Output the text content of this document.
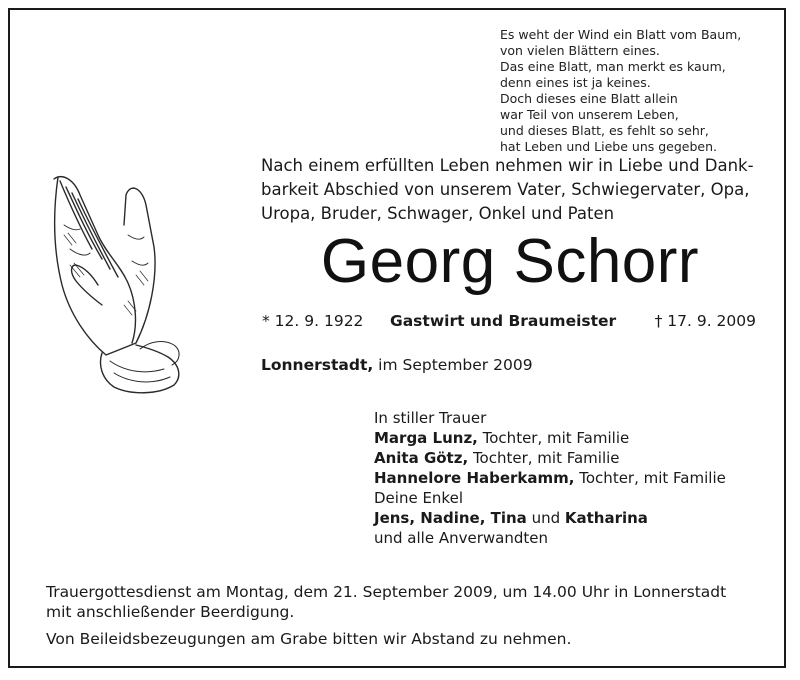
Es weht der Wind ein Blatt vom Baum,
von vielen Blättern eines.
Das eine Blatt, man merkt es kaum,
denn eines ist ja keines.
Doch dieses eine Blatt allein
war Teil von unserem Leben,
und dieses Blatt, es fehlt so sehr,
hat Leben und Liebe uns gegeben.
Nach einem erfüllten Leben nehmen wir in Liebe und Dank-
barkeit Abschied von unserem Vater, Schwiegervater, Opa,
Uropa, Bruder, Schwager, Onkel und Paten
Georg Schorr
* 12. 9. 1922 Gastwirt und Braumeister † 17. 9. 2009
Lonnerstadt, im September 2009
In stiller Trauer
Marga Lunz, Tochter, mit Familie
Anita Götz, Tochter, mit Familie
Hannelore Haberkamm, Tochter, mit Familie
Deine Enkel
Jens, Nadine, Tina und Katharina
und alle Anverwandten
Trauergottesdienst am Montag, dem 21. September 2009, um 14.00 Uhr in Lonnerstadt
mit anschließender Beerdigung.
Von Beileidsbezeugungen am Grabe bitten wir Abstand zu nehmen.
